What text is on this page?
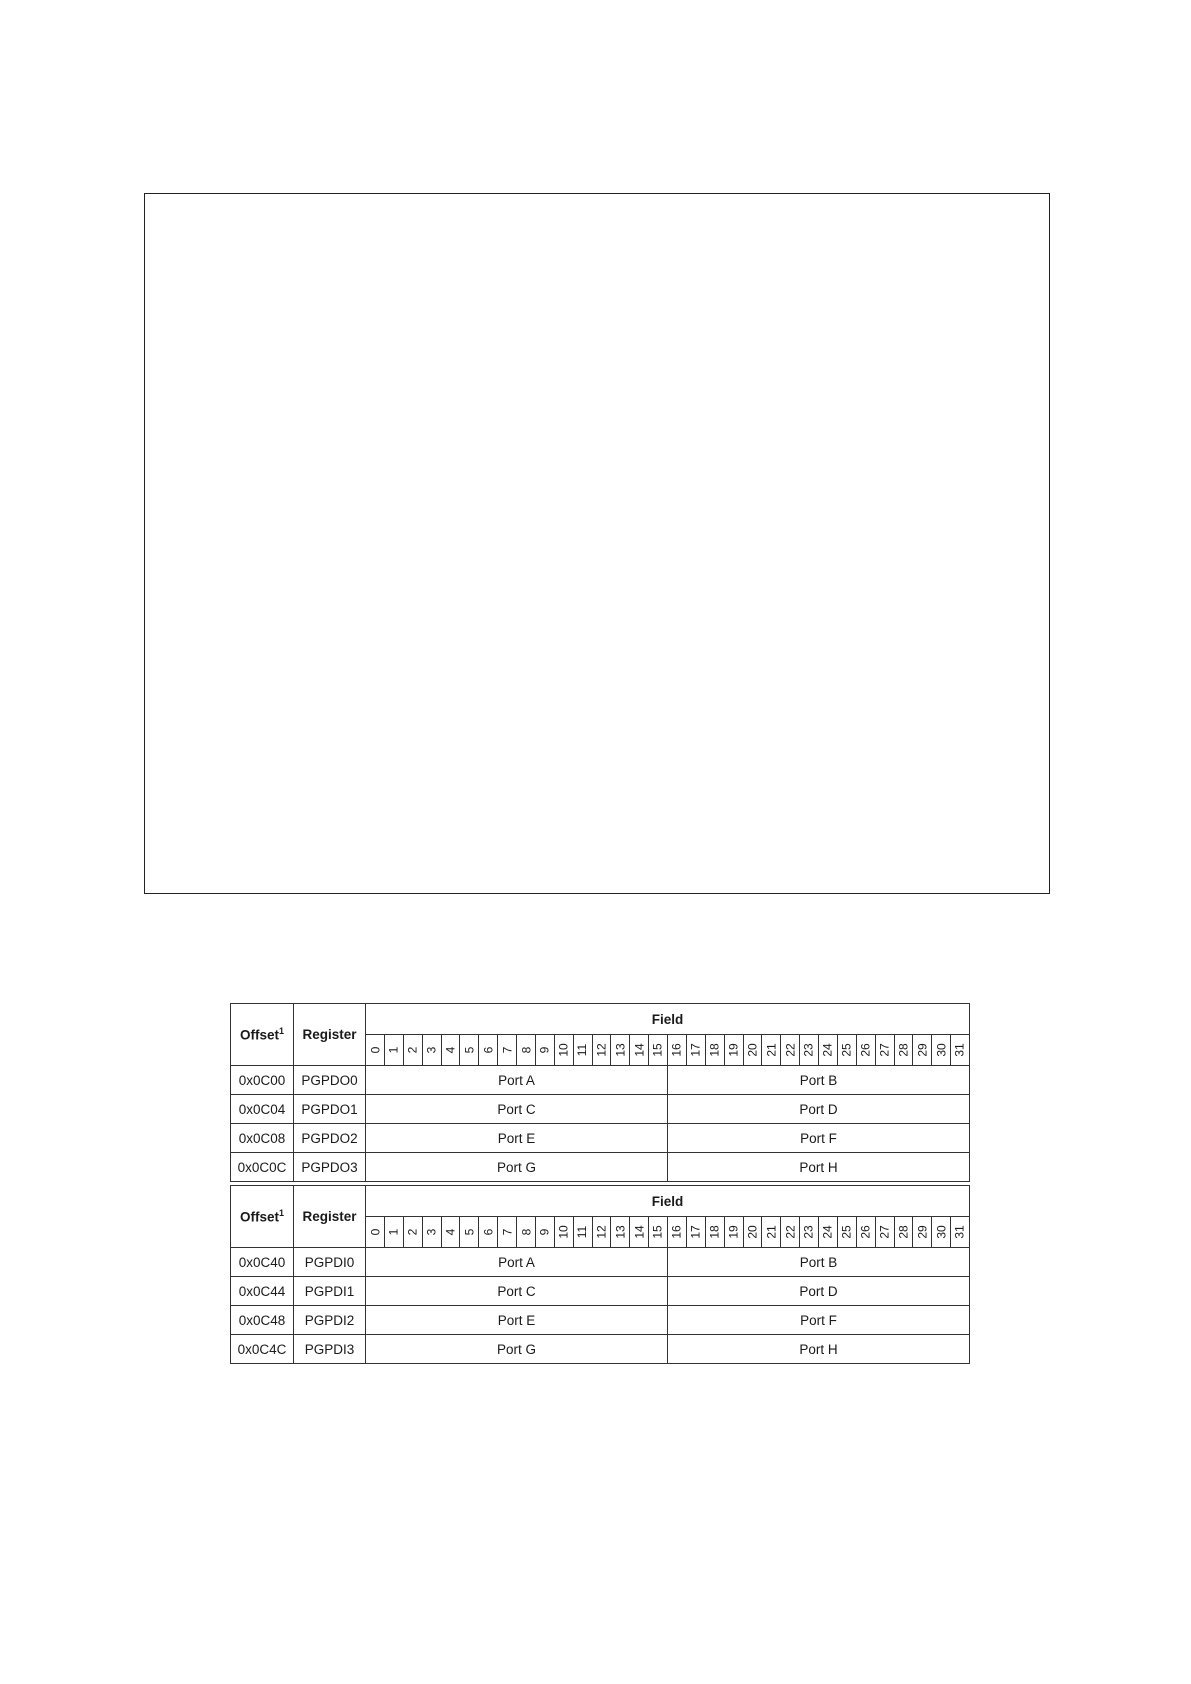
Offset$^1$	Register	Field																															
		0	1	2	3	4	5	6	7	8	9	10	11	12	13	14	15	16	17	18	19	20	21	22	23	24	25	26	27	28	29	30	31
0x0C00	PGPDO0	Port A																Port B															
0x0C04	PGPDO1	Port C																Port D															
0x0C08	PGPDO2	Port E																Port F															
0x0C0C	PGPDO3	Port G																Port H															
Offset$^1$	Register	Field																															
		0	1	2	3	4	5	6	7	8	9	10	11	12	13	14	15	16	17	18	19	20	21	22	23	24	25	26	27	28	29	30	31
0x0C40	PGPDI0	Port A																Port B															
0x0C44	PGPDI1	Port C																Port D															
0x0C48	PGPDI2	Port E																Port F															
0x0C4C	PGPDI3	Port G																Port H															
